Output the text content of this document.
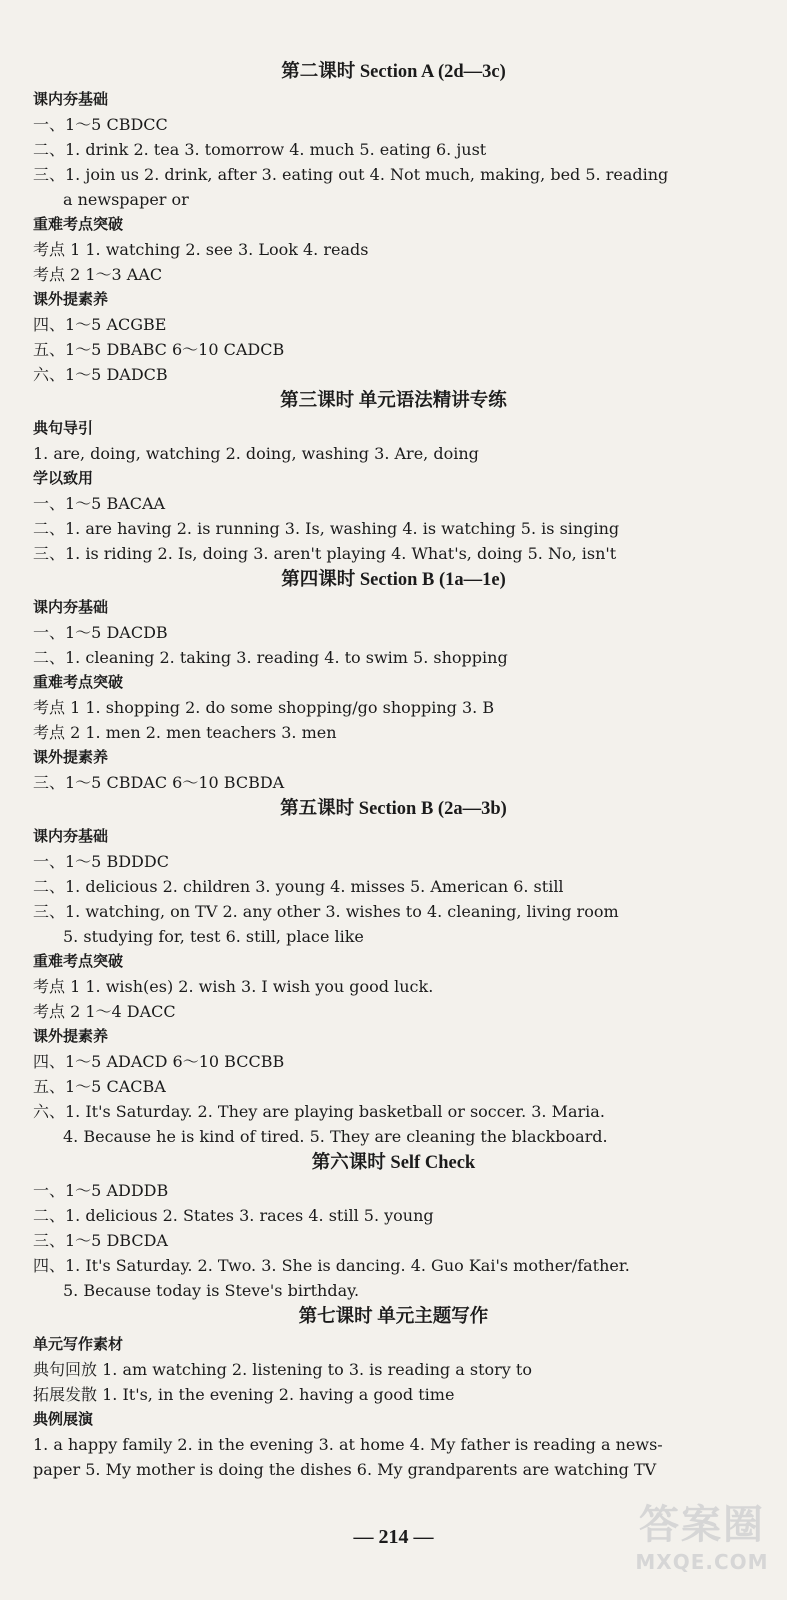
第二课时 Section A (2d—3c)
课内夯基础
一、1～5 CBDCC
二、1. drink 2. tea 3. tomorrow 4. much 5. eating 6. just
三、1. join us 2. drink, after 3. eating out 4. Not much, making, bed 5. reading
a newspaper or
重难考点突破
考点 1 1. watching 2. see 3. Look 4. reads
考点 2 1～3 AAC
课外提素养
四、1～5 ACGBE
五、1～5 DBABC 6～10 CADCB
六、1～5 DADCB
第三课时 单元语法精讲专练
典句导引
1. are, doing, watching 2. doing, washing 3. Are, doing
学以致用
一、1～5 BACAA
二、1. are having 2. is running 3. Is, washing 4. is watching 5. is singing
三、1. is riding 2. Is, doing 3. aren't playing 4. What's, doing 5. No, isn't
第四课时 Section B (1a—1e)
课内夯基础
一、1～5 DACDB
二、1. cleaning 2. taking 3. reading 4. to swim 5. shopping
重难考点突破
考点 1 1. shopping 2. do some shopping/go shopping 3. B
考点 2 1. men 2. men teachers 3. men
课外提素养
三、1～5 CBDAC 6～10 BCBDA
第五课时 Section B (2a—3b)
课内夯基础
一、1～5 BDDDC
二、1. delicious 2. children 3. young 4. misses 5. American 6. still
三、1. watching, on TV 2. any other 3. wishes to 4. cleaning, living room
5. studying for, test 6. still, place like
重难考点突破
考点 1 1. wish(es) 2. wish 3. I wish you good luck.
考点 2 1～4 DACC
课外提素养
四、1～5 ADACD 6～10 BCCBB
五、1～5 CACBA
六、1. It's Saturday. 2. They are playing basketball or soccer. 3. Maria.
4. Because he is kind of tired. 5. They are cleaning the blackboard.
第六课时 Self Check
一、1～5 ADDDB
二、1. delicious 2. States 3. races 4. still 5. young
三、1～5 DBCDA
四、1. It's Saturday. 2. Two. 3. She is dancing. 4. Guo Kai's mother/father.
5. Because today is Steve's birthday.
第七课时 单元主题写作
单元写作素材
典句回放 1. am watching 2. listening to 3. is reading a story to
拓展发散 1. It's, in the evening 2. having a good time
典例展演
1. a happy family 2. in the evening 3. at home 4. My father is reading a news-
paper 5. My mother is doing the dishes 6. My grandparents are watching TV
— 214 —	答案圈
MXQE.COM
